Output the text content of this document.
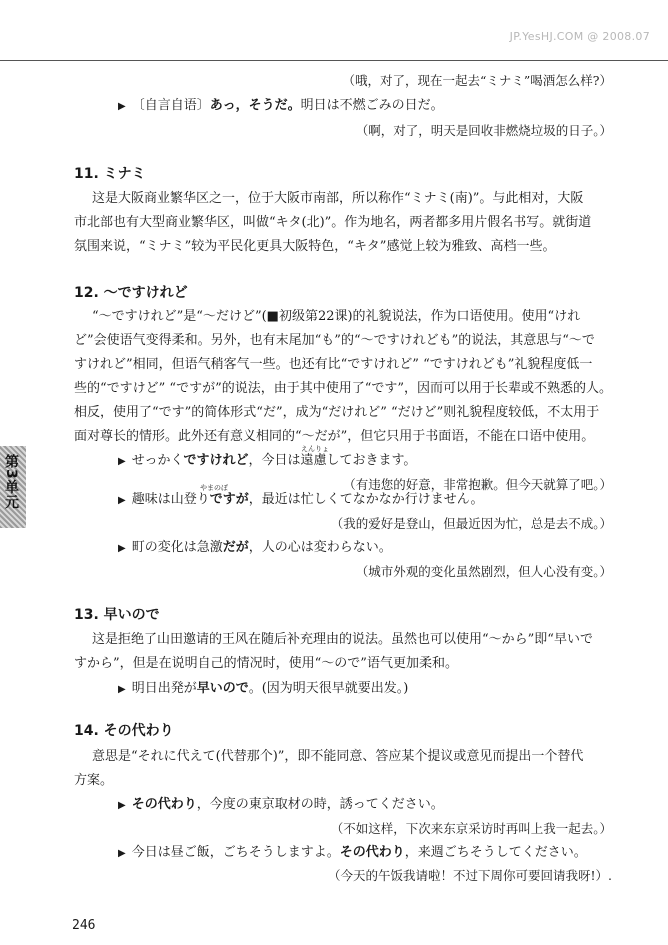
JP.YesHJ.COM @ 2008.07
第3单元
（哦，对了，现在一起去“ミナミ”喝酒怎么样?）
▶ 〔自言自语〕あっ，そうだ。明日は不燃ごみの日だ。
（啊，对了，明天是回收非燃烧垃圾的日子。）
11. ミナミ
这是大阪商业繁华区之一，位于大阪市南部，所以称作“ミナミ(南)”。与此相对，大阪
市北部也有大型商业繁华区，叫做“キタ(北)”。作为地名，两者都多用片假名书写。就街道
氛围来说，“ミナミ”较为平民化更具大阪特色，“キタ”感觉上较为雅致、高档一些。
12. ～ですけれど
“～ですけれど”是“～だけど”(■初级第22课)的礼貌说法，作为口语使用。使用“けれ
ど”会使语气变得柔和。另外，也有末尾加“も”的“～ですけれども”的说法，其意思与“～で
すけれど”相同，但语气稍客气一些。也还有比“ですけれど” “ですけれども”礼貌程度低一
些的“ですけど” “ですが”的说法，由于其中使用了“です”，因而可以用于长辈或不熟悉的人。
相反，使用了“です”的简体形式“だ”，成为“だけれど” “だけど”则礼貌程度较低，不太用于
面对尊长的情形。此外还有意义相同的“～だが”，但它只用于书面语，不能在口语中使用。
えんりょ
▶ せっかくですけれど，今日は遠慮しておきます。
（有违您的好意，非常抱歉。但今天就算了吧。）
やまのぼ
▶ 趣味は山登りですが，最近は忙しくてなかなか行けません。
（我的爱好是登山，但最近因为忙，总是去不成。）
▶ 町の変化は急激だが，人の心は変わらない。
（城市外观的变化虽然剧烈，但人心没有变。）
13. 早いので
这是拒绝了山田邀请的王风在随后补充理由的说法。虽然也可以使用“～から”即“早いで
すから”，但是在说明自己的情况时，使用“～ので”语气更加柔和。
▶ 明日出発が早いので。(因为明天很早就要出发。)
14. その代わり
意思是“それに代えて(代替那个)”，即不能同意、答应某个提议或意见而提出一个替代
方案。
▶ その代わり，今度の東京取材の時，誘ってください。
（不如这样，下次来东京采访时再叫上我一起去。）
▶ 今日は昼ご飯，ごちそうしますよ。その代わり，来週ごちそうしてください。
（今天的午饭我请啦！不过下周你可要回请我呀!）.
246
